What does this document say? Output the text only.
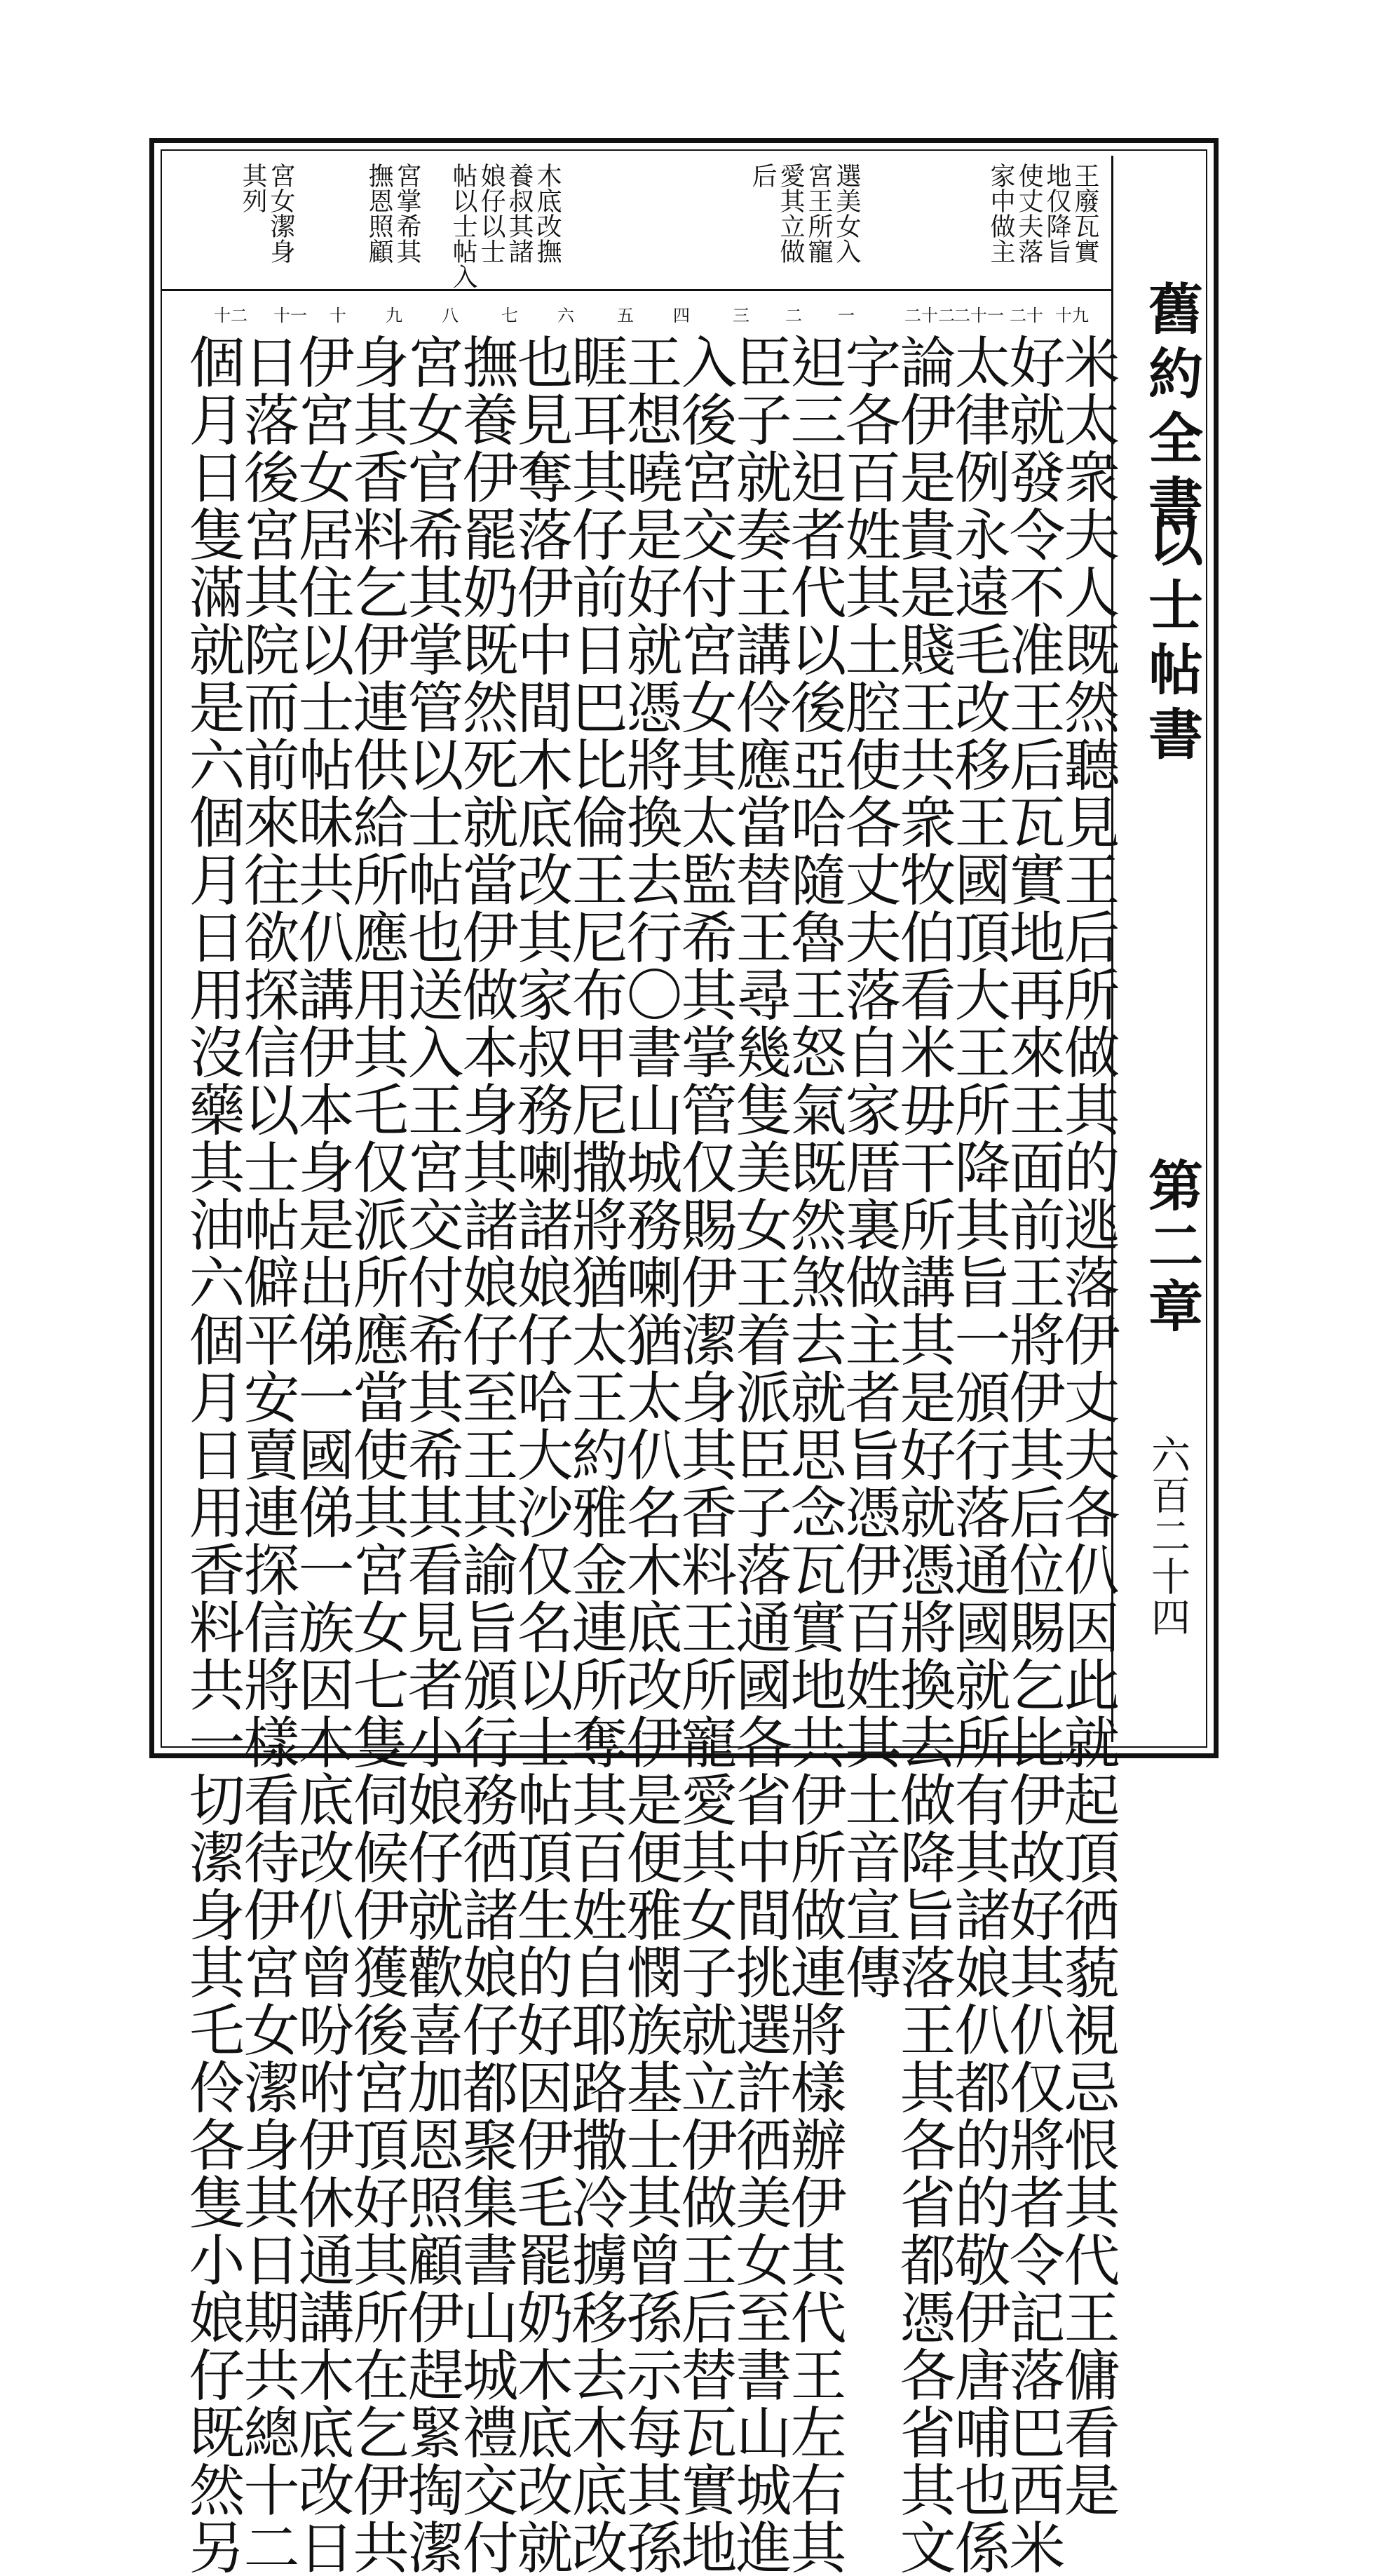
舊約全書
以士帖書
第二章
六百二十四
王廢瓦實
地仅降旨
使丈夫落
家中做主
選美女入
宮王所寵
愛其立做
后
木底改撫
養叔其諸
娘仔以士
帖以士帖入
宮掌希其
撫恩照顧
宮女潔身
其列
十九
二十
二十一
二十二
一
二
三
四
五
六
七
八
九
十
十一
十二
米太衆夫人既然聽見王后所做其的逃落伊丈夫各仈因此就起頂徆藐視忌恨其代王傭看是
好就發令不准王后瓦實地再來王面前王將伊其后位賜乞比伊故好其仈仅將者令記落巴西米
太律例永遠毛改移王國頂大王所降其旨一頒行落通國就所有其諸娘仈都的的敬伊唐哺也係
論伊是貴是賤王共衆牧伯看米毋干所講其是好就憑將換去做降旨落王其各省都憑各省其文
字各百姓其土腔使各丈夫落自家厝裏做主者旨憑伊百姓其土音宣傳
𨑨三𨑨者代以後亞哈隨魯王怒氣既然煞去就思念瓦實地共伊所做連將樣辦伊其代王左右其
臣子就奏王講伶應當替王尋幾隻美女王着派臣子落通國各省中間挑選許徆美女至書山城進
入後宮交付宮女其太監希其掌管仅賜伊潔身其香料王所寵愛其女子就立伊做王后替瓦實地
王想曉是好就憑將換去行〇書山城務喇猶太仈名木底改伊是便雅憫族基士其曾孫示每其孫
睚耳其仔前日巴比倫王尼布甲尼撒將猶太王約雅金連所奪其百姓自耶路撒冷擄移去木底改
也見奪落伊中間木底改其家叔務喇諸娘仔哈大沙仅名以士帖頂生的好因伊毛罷奶木底改就
撫養伊罷奶既然死就當伊做本身其諸娘仔至王其諭旨頒行務徆諸娘仔都聚集書山城禮交付
宮女官希其掌管以士帖也送入王宮交付希其希其看見者小娘仔就歡喜加恩照顧伊趕緊掏潔
身其香料乞伊連供給所應用其乇仅派所應當使其宮女七隻伺候伊獲後宮頂好其所在乞伊共
伊宮女居住以士帖昧共仈講伊本身是出俤一國俤一族因木底改仈曾吩咐伊休通講木底改日
日落後宮其院而前來往欲探信以士帖僻平安賣連探信將樣看待伊宮女潔身其日期共總十二
個月日隻滿就是六個月日用沒藥其油六個月日用香料共一切潔身其乇伶各隻小娘仔既然另
